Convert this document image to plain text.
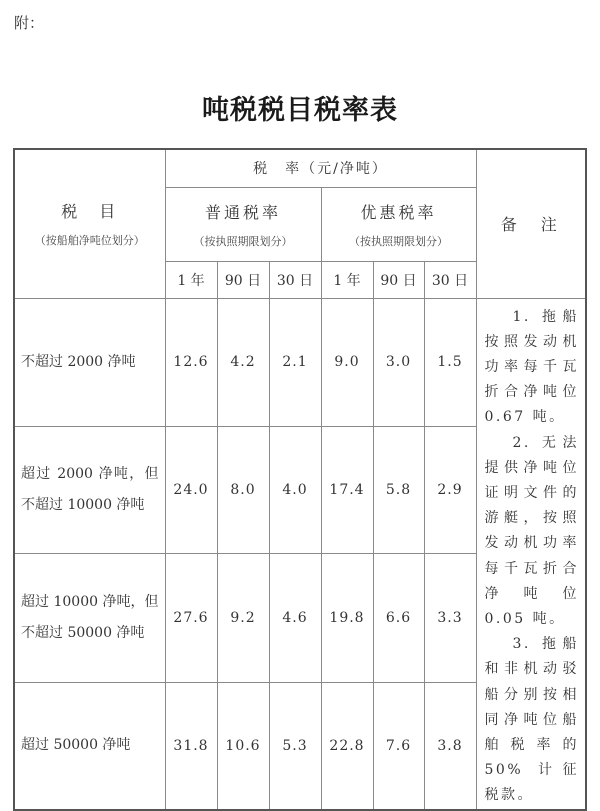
附：
吨税税目税率表
税　目
（按船舶净吨位划分）	税　率（元/净吨）						备　注

	普通税率
（按执照期限划分）			优惠税率
（按执照期限划分）			

	1 年	90 日	30 日	1 年	90 日	30 日	
不超过 2000 净吨	12.6	4.2	2.1	9.0	3.0	1.5	1. 拖船按照发动机功率每千瓦折合净吨位 0.67 吨。

2. 无法提供净吨位证明文件的游艇，按照发动机功率每千瓦折合净吨位 0.05 吨。

3. 拖船和非机动驳船分别按相同净吨位船舶税率的 50% 计征税款。

超过 2000 净吨，但不超过 10000 净吨	24.0	8.0	4.0	17.4	5.8	2.9	
超过 10000 净吨，但不超过 50000 净吨	27.6	9.2	4.6	19.8	6.6	3.3	
超过 50000 净吨	31.8	10.6	5.3	22.8	7.6	3.8	
